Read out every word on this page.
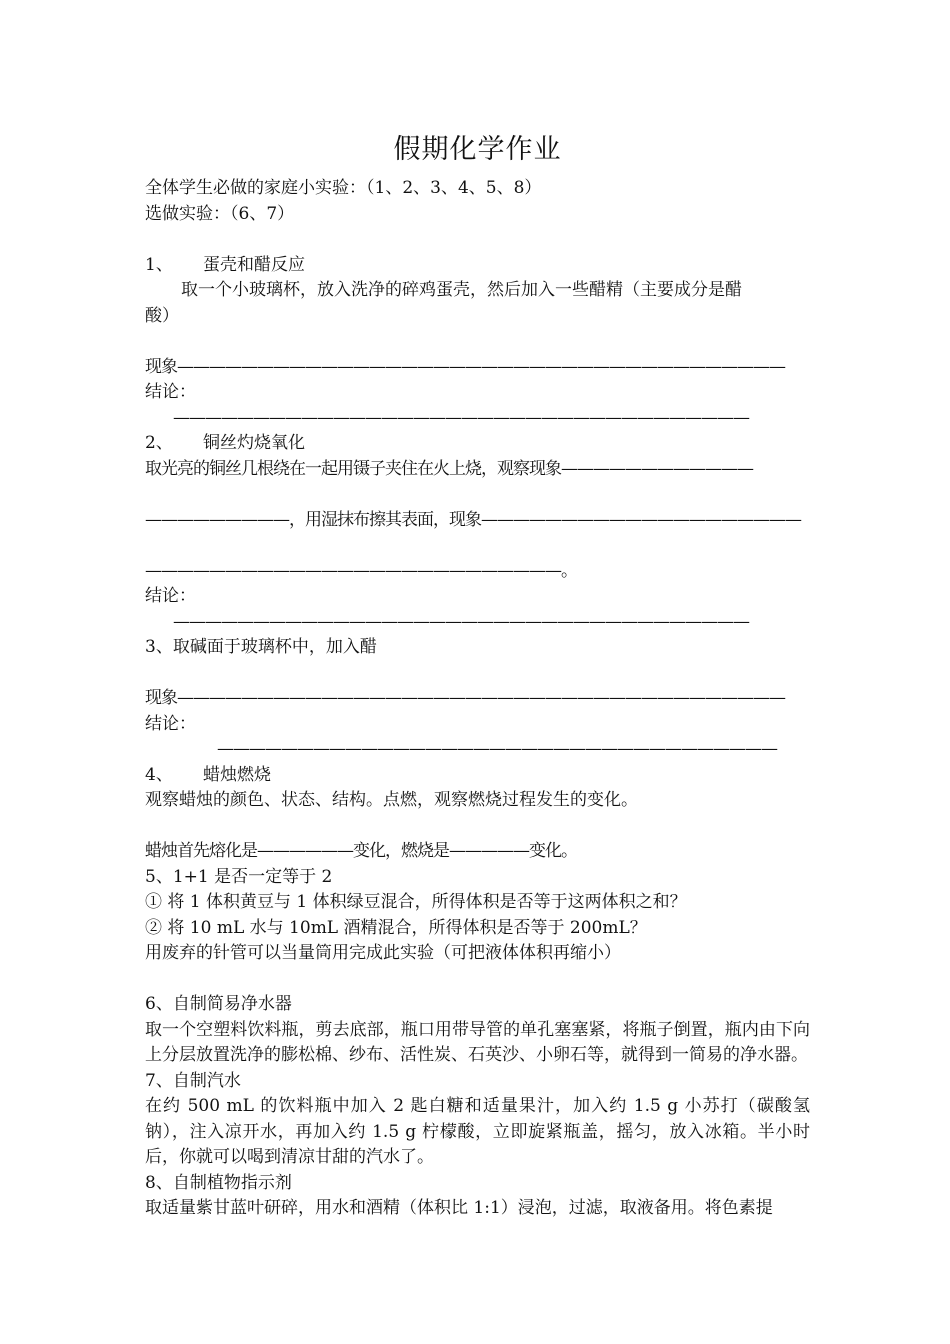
假期化学作业
全体学生必做的家庭小实验：（1、2、3、4、5、8）
选做实验：（6、7）
1、 蛋壳和醋反应
取一个小玻璃杯，放入洗净的碎鸡蛋壳，然后加入一些醋精（主要成分是醋
酸）
现象——————————————————————————————————————
结论：
————————————————————————————————————
2、 铜丝灼烧氧化
取光亮的铜丝几根绕在一起用镊子夹住在火上烧，观察现象————————————
—————————，用湿抹布擦其表面，现象————————————————————
——————————————————————————。
结论：
————————————————————————————————————
3、取碱面于玻璃杯中，加入醋
现象——————————————————————————————————————
结论：
———————————————————————————————————
4、 蜡烛燃烧
观察蜡烛的颜色、状态、结构。点燃，观察燃烧过程发生的变化。
蜡烛首先熔化是——————变化，燃烧是—————变化。
5、1+1 是否一定等于 2
① 将 1 体积黄豆与 1 体积绿豆混合，所得体积是否等于这两体积之和？
② 将 10 mL 水与 10mL 酒精混合，所得体积是否等于 200mL？
用废弃的针管可以当量筒用完成此实验（可把液体体积再缩小）
6、自制简易净水器
取一个空塑料饮料瓶，剪去底部，瓶口用带导管的单孔塞塞紧，将瓶子倒置，瓶内由下向上分层放置洗净的膨松棉、纱布、活性炭、石英沙、小卵石等，就得到一简易的净水器。
7、自制汽水
在约 500 mL 的饮料瓶中加入 2 匙白糖和适量果汁，加入约 1.5 g 小苏打（碳酸氢钠），注入凉开水，再加入约 1.5 g 柠檬酸，立即旋紧瓶盖，摇匀，放入冰箱。半小时后，你就可以喝到清凉甘甜的汽水了。
8、自制植物指示剂
取适量紫甘蓝叶研碎，用水和酒精（体积比 1:1）浸泡，过滤，取液备用。将色素提
